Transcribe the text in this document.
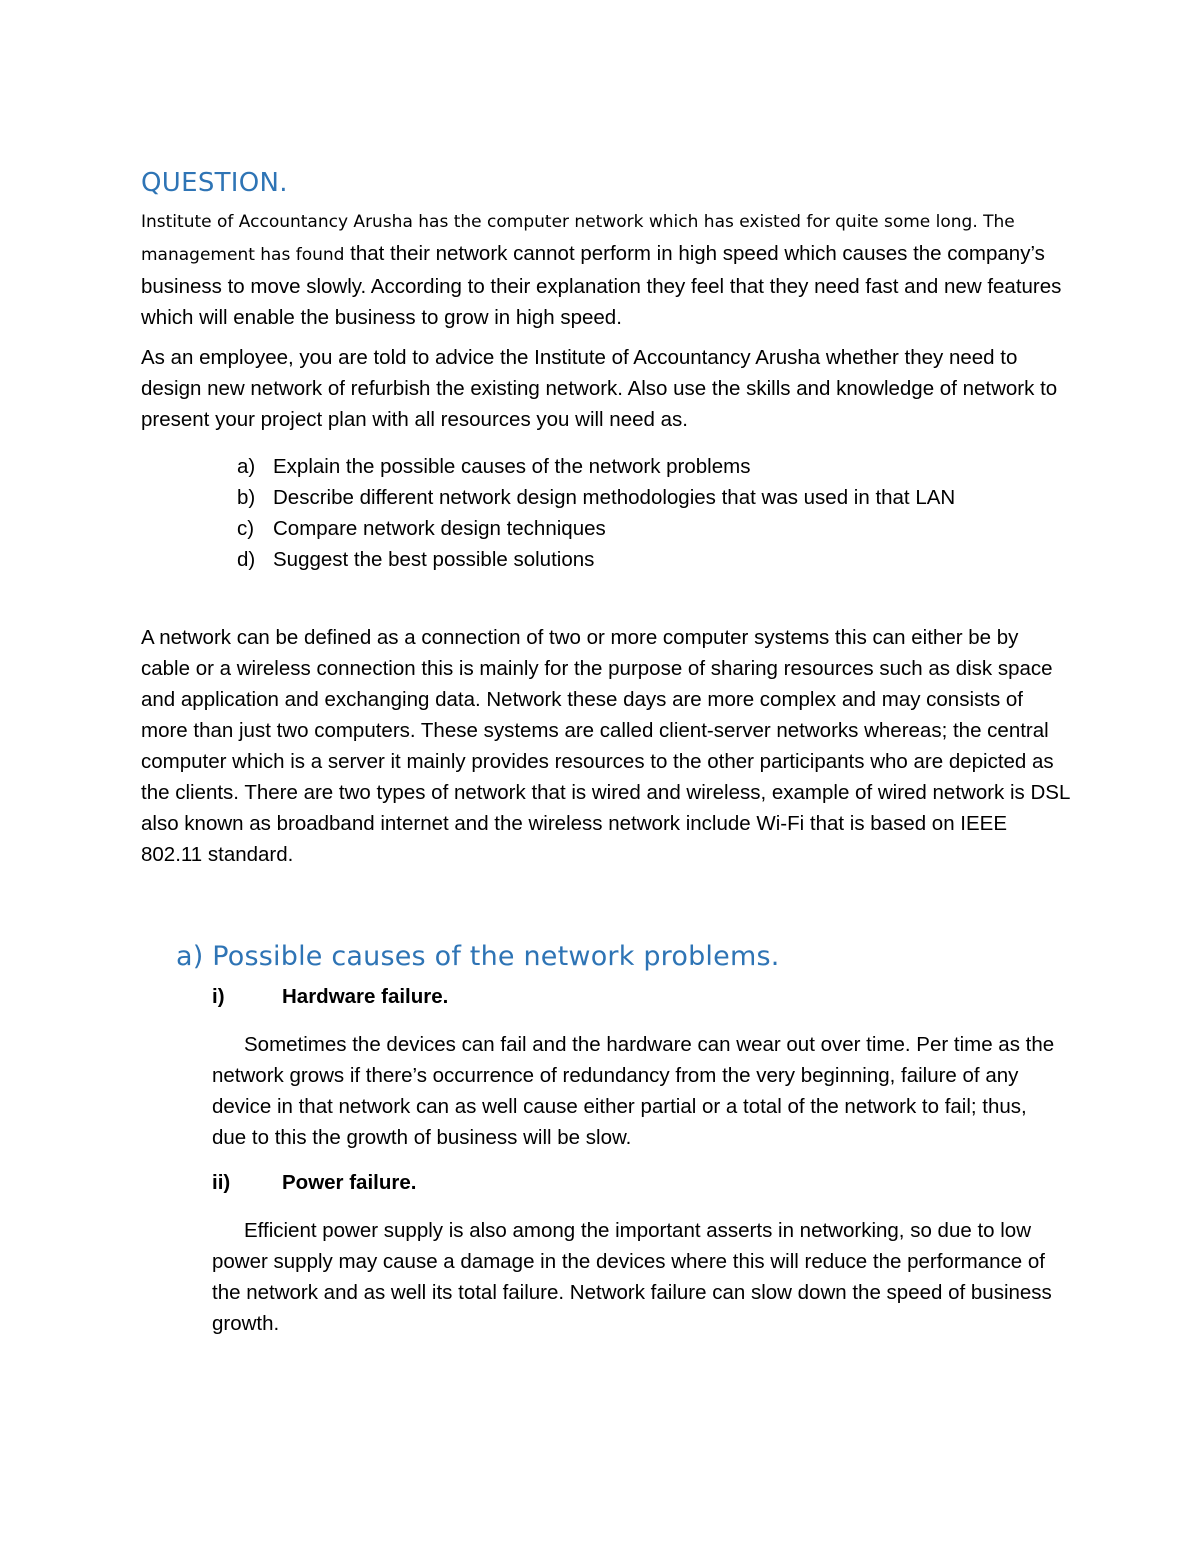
QUESTION.

Institute of Accountancy Arusha has the computer network which has existed for quite some long. The management has found that their network cannot perform in high speed which causes the company’s business to move slowly. According to their explanation they feel that they need fast and new features which will enable the business to grow in high speed.

As an employee, you are told to advice the Institute of Accountancy Arusha whether they need to design new network of refurbish the existing network. Also use the skills and knowledge of network to present your project plan with all resources you will need as.

a) Explain the possible causes of the network problems
b) Describe different network design methodologies that was used in that LAN
c) Compare network design techniques
d) Suggest the best possible solutions

A network can be defined as a connection of two or more computer systems this can either be by cable or a wireless connection this is mainly for the purpose of sharing resources such as disk space and application and exchanging data. Network these days are more complex and may consists of more than just two computers. These systems are called client-server networks whereas; the central computer which is a server it mainly provides resources to the other participants who are depicted as the clients. There are two types of network that is wired and wireless, example of wired network is DSL also known as broadband internet and the wireless network include Wi-Fi that is based on IEEE 802.11 standard.

a) Possible causes of the network problems.
i)	Hardware failure.

Sometimes the devices can fail and the hardware can wear out over time. Per time as the network grows if there’s occurrence of redundancy from the very beginning, failure of any device in that network can as well cause either partial or a total of the network to fail; thus, due to this the growth of business will be slow.

ii)	Power failure.

Efficient power supply is also among the important asserts in networking, so due to low power supply may cause a damage in the devices where this will reduce the performance of the network and as well its total failure. Network failure can slow down the speed of business growth.
